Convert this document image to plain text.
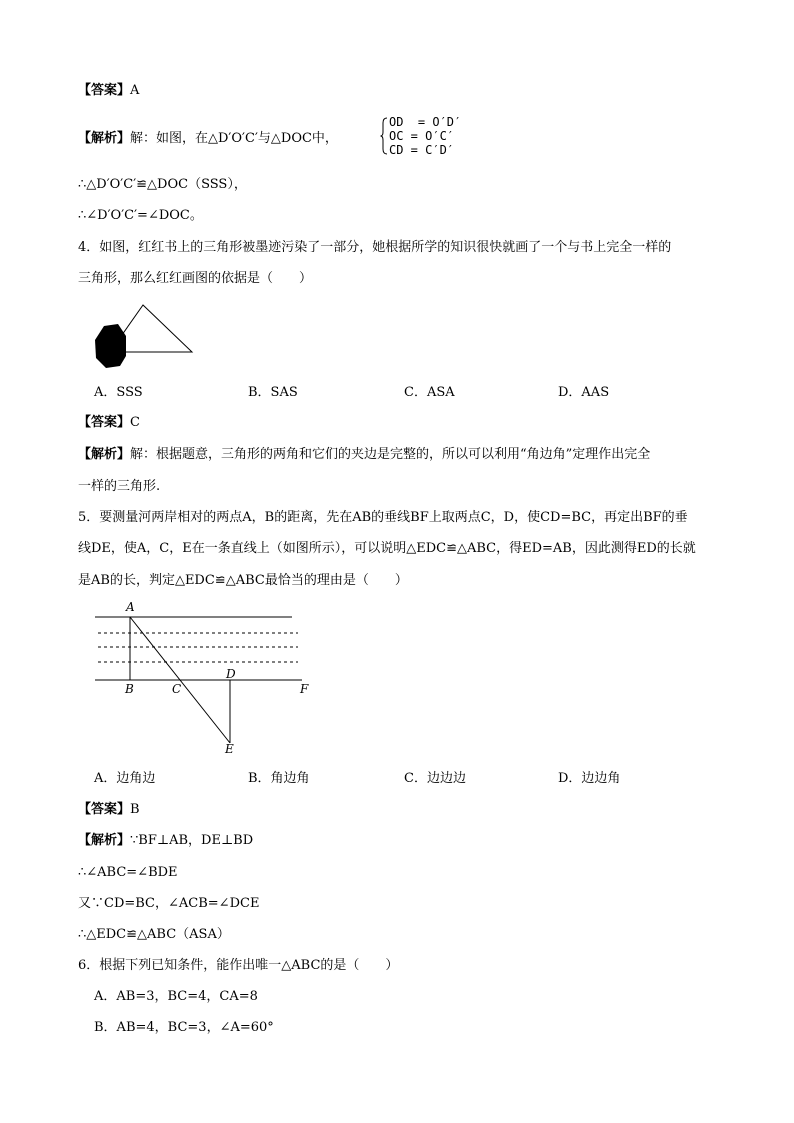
【答案】A
【解析】解：如图，在△D′O′C′与△DOC中，
OD  = O′D′
OC = O′C′
CD = C′D′
∴△D′O′C′≌△DOC（SSS），
∴∠D′O′C′=∠DOC。
4．如图，红红书上的三角形被墨迹污染了一部分，她根据所学的知识很快就画了一个与书上完全一样的
三角形，那么红红画图的依据是（　　）
A．SSS	B．SAS	C．ASA	D．AAS
【答案】C
【解析】解：根据题意，三角形的两角和它们的夹边是完整的，所以可以利用“角边角”定理作出完全
一样的三角形.
5．要测量河两岸相对的两点A，B的距离，先在AB的垂线BF上取两点C，D，使CD=BC，再定出BF的垂
线DE，使A，C，E在一条直线上（如图所示），可以说明△EDC≌△ABC，得ED=AB，因此测得ED的长就
是AB的长，判定△EDC≌△ABC最恰当的理由是（　　）
A
B	C
D
E
F
A．边角边	B．角边角	C．边边边	D．边边角
【答案】B
【解析】∵BF⊥AB，DE⊥BD
∴∠ABC=∠BDE
又∵CD=BC，∠ACB=∠DCE
∴△EDC≌△ABC（ASA）
6．根据下列已知条件，能作出唯一△ABC的是（　　）
A．AB=3，BC=4，CA=8
B．AB=4，BC=3，∠A=60°
